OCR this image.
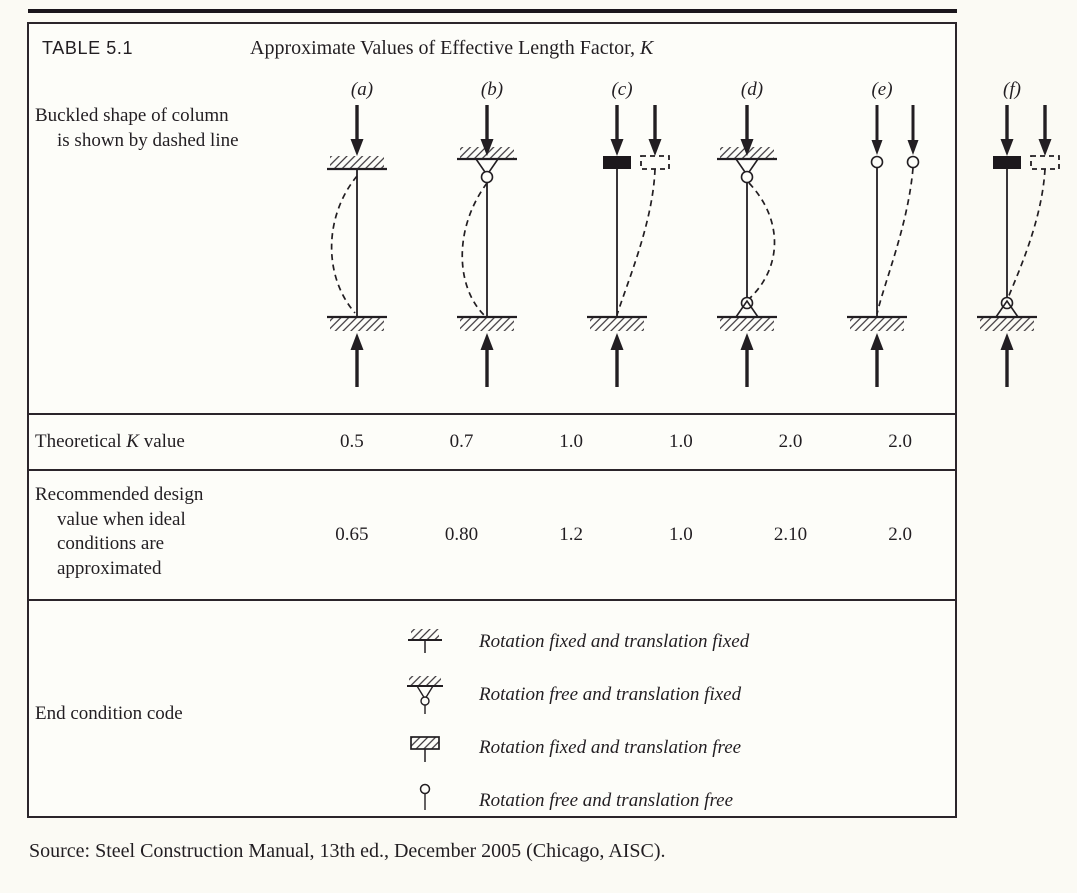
TABLE 5.1	Approximate Values of Effective Length Factor, K
Buckled shape of column
is shown by dashed line
(a)	(b)	(c)	(d)	(e)	(f)
Theoretical K value	0.5	0.7	1.0	1.0	2.0	2.0
Recommended design
value when ideal
conditions are
approximated
0.65	0.80	1.2	1.0	2.10	2.0
End condition code
Rotation fixed and translation fixed
Rotation free and translation fixed
Rotation fixed and translation free
Rotation free and translation free
Source: Steel Construction Manual, 13th ed., December 2005 (Chicago, AISC).
